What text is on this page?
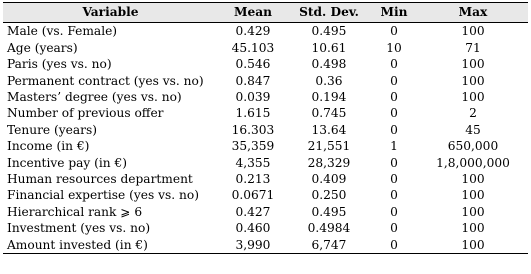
Variable	Mean	Std. Dev.	Min	Max
Male (vs. Female)	0.429	0.495	0	100
Age (years)	45.103	10.61	10	71
Paris (yes vs. no)	0.546	0.498	0	100
Permanent contract (yes vs. no)	0.847	0.36	0	100
Masters’ degree (yes vs. no)	0.039	0.194	0	100
Number of previous offer	1.615	0.745	0	2
Tenure (years)	16.303	13.64	0	45
Income (in €)	35,359	21,551	1	650,000
Incentive pay (in €)	4,355	28,329	0	1,8,000,000
Human resources department	0.213	0.409	0	100
Financial expertise (yes vs. no)	0.0671	0.250	0	100
Hierarchical rank ⩾ 6	0.427	0.495	0	100
Investment (yes vs. no)	0.460	0.4984	0	100
Amount invested (in €)	3,990	6,747	0	100
